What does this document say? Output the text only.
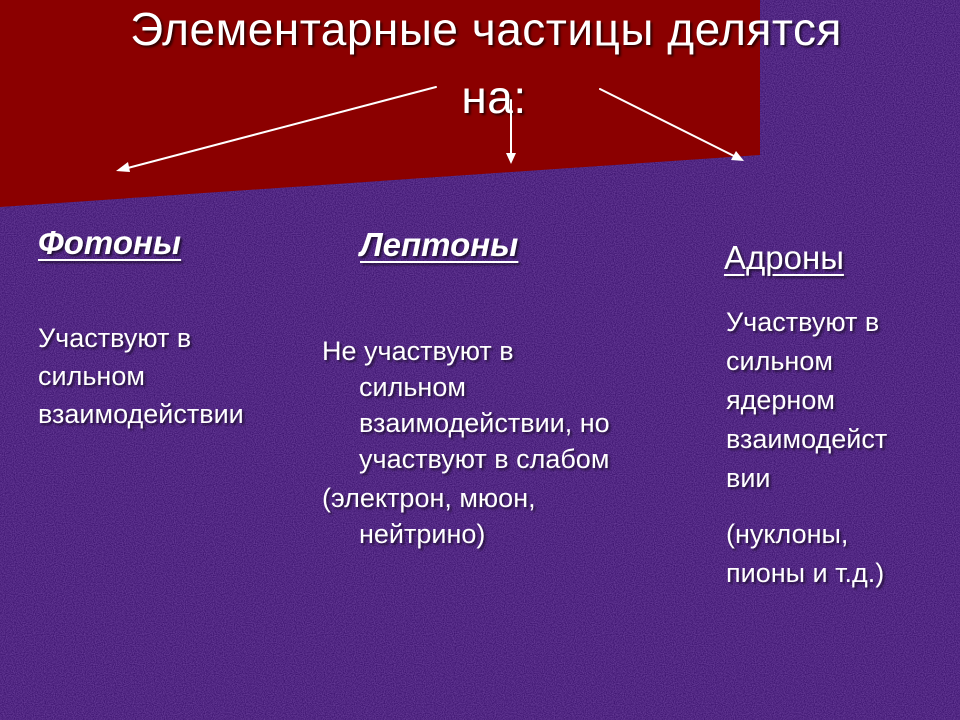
Элементарные частицы делятся
на:
Фотоны
Участвуют в
сильном
взаимодействии
Лептоны
Не участвуют в
сильном
взаимодействии, но
участвуют в слабом
(электрон, мюон,
нейтрино)
Адроны
Участвуют в
сильном
ядерном
взаимодейст
вии
(нуклоны,
пионы и т.д.)
